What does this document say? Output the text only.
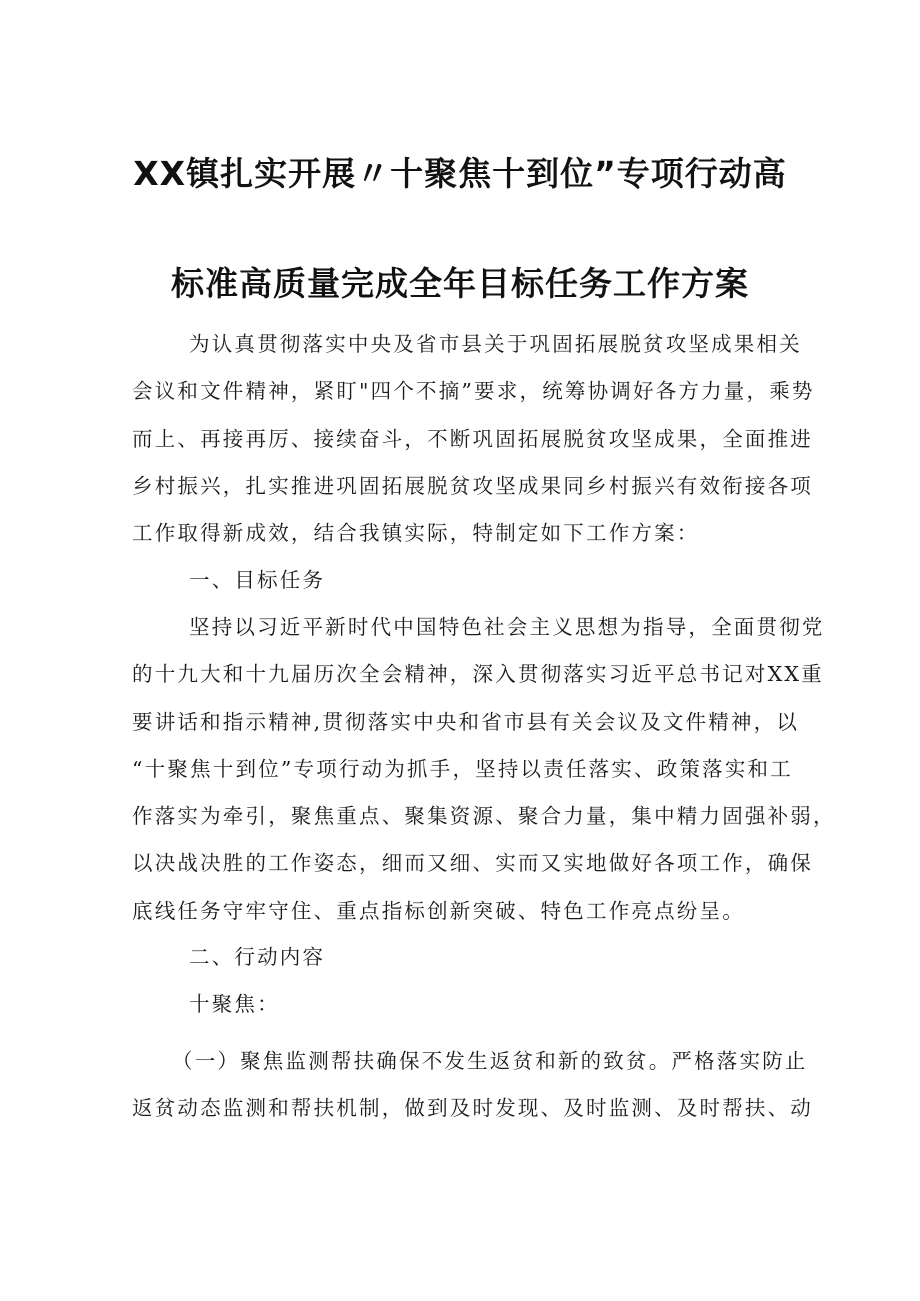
XX镇扎实开展〃十聚焦十到位”专项行动高
标准高质量完成全年目标任务工作方案
为认真贯彻落实中央及省市县关于巩固拓展脱贫攻坚成果相关
会议和文件精神，紧盯"四个不摘”要求，统筹协调好各方力量，乘势
而上、再接再厉、接续奋斗，不断巩固拓展脱贫攻坚成果，全面推进
乡村振兴，扎实推进巩固拓展脱贫攻坚成果同乡村振兴有效衔接各项
工作取得新成效，结合我镇实际，特制定如下工作方案：
一、目标任务
坚持以习近平新时代中国特色社会主义思想为指导，全面贯彻党
的十九大和十九届历次全会精神，深入贯彻落实习近平总书记对XX重
要讲话和指示精神,贯彻落实中央和省市县有关会议及文件精神，以
“十聚焦十到位”专项行动为抓手，坚持以责任落实、政策落实和工
作落实为牵引，聚焦重点、聚集资源、聚合力量，集中精力固强补弱，
以决战决胜的工作姿态，细而又细、实而又实地做好各项工作，确保
底线任务守牢守住、重点指标创新突破、特色工作亮点纷呈。
二、行动内容
十聚焦：
（一）聚焦监测帮扶确保不发生返贫和新的致贫。严格落实防止
返贫动态监测和帮扶机制，做到及时发现、及时监测、及时帮扶、动
